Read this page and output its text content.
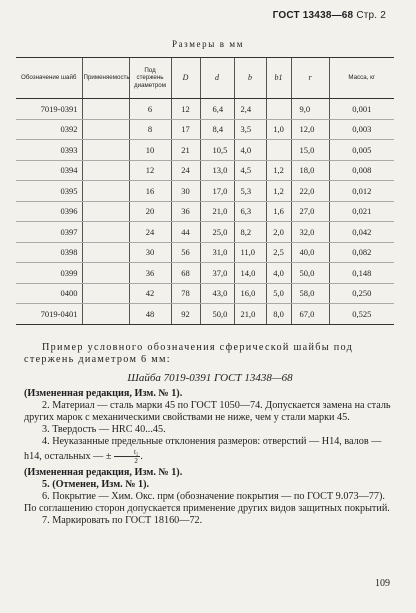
ГОСТ 13438—68 Стр. 2
Размеры в мм
Обозначение шайб	Применяемость	Под стержень диаметром	D	d	b	b1	r	Масса, кг
7019-0391		6	12	6,4	2,4		9,0	0,001
0392		8	17	8,4	3,5	1,0	12,0	0,003
0393		10	21	10,5	4,0		15,0	0,005
0394		12	24	13,0	4,5	1,2	18,0	0,008
0395		16	30	17,0	5,3	1,2	22,0	0,012
0396		20	36	21,0	6,3	1,6	27,0	0,021
0397		24	44	25,0	8,2	2,0	32,0	0,042
0398		30	56	31,0	11,0	2,5	40,0	0,082
0399		36	68	37,0	14,0	4,0	50,0	0,148
0400		42	78	43,0	16,0	5,0	58,0	0,250
7019-0401		48	92	50,0	21,0	8,0	67,0	0,525
Пример условного обозначения сферической шайбы под стержень диаметром 6 мм:
Шайба 7019-0391 ГОСТ 13438—68
(Измененная редакция, Изм. № 1).
2. Материал — сталь марки 45 по ГОСТ 1050—74. Допускается замена на сталь других марок с механическими свойствами не ниже, чем у стали марки 45.
3. Твердость — HRC 40...45.
4. Неуказанные предельные отклонения размеров: отверстий — H14, валов — h14, остальных — ± $\frac{\text{t₂}}{2}$ .
(Измененная редакция, Изм. № 1).
5. (Отменен, Изм. № 1).
6. Покрытие — Хим. Окс. прм (обозначение покрытия — по ГОСТ 9.073—77). По соглашению сторон допускается применение других видов защитных покрытий.
7. Маркировать по ГОСТ 18160—72.
109
